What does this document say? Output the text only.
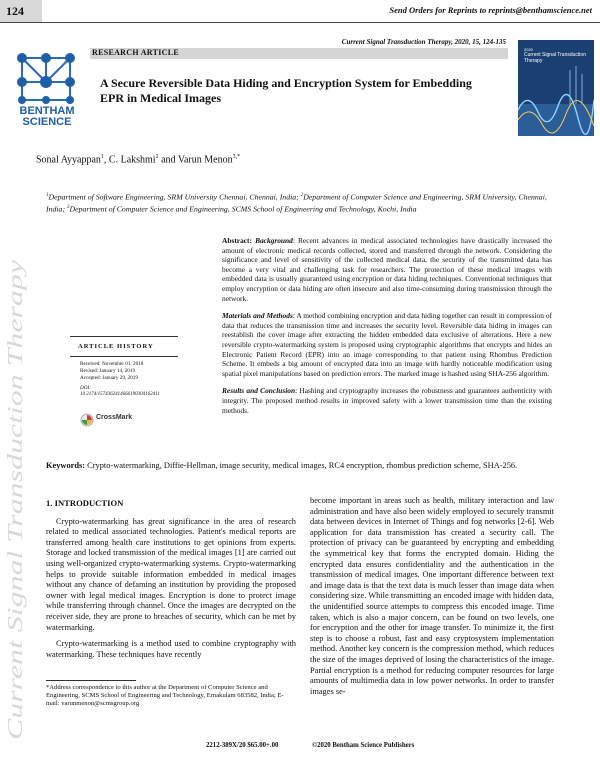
124	Send Orders for Reprints to reprints@benthamscience.net
Current Signal Transduction Therapy, 2020, 15, 124-135
RESEARCH ARTICLE
BENTHAM
SCIENCE
2020
Current Signal Transduction Therapy
A Secure Reversible Data Hiding and Encryption System for Embedding
EPR in Medical Images
Sonal Ayyappan$^1$, C. Lakshmi$^2$ and Varun Menon$^{3,*}$
$^1$Department of Software Engineering, SRM University Chennai, Chennai, India; $^2$Department of Computer Science and Engineering, SRM University, Chennai, India; $^3$Department of Computer Science and Engineering, SCMS School of Engineering and Technology, Kochi, India
Current Signal Transduction Therapy

Abstract: Background: Recent advances in medical associated technologies have drastically increased the amount of electronic medical records collected, stored and transferred through the network. Considering the significance and level of sensitivity of the collected medical data, the security of the transmitted data has become a very vital and challenging task for researchers. The protection of these medical images with embedded data is usually guaranteed using encryption or data hiding techniques. Conventional techniques that employ encryption or data hiding are often insecure and also time-consuming during transmission through the network.

Materials and Methods: A method combining encryption and data hiding together can result in compression of data that reduces the transmission time and increases the security level. Reversible data hiding in images can reestablish the cover image after extracting the hidden embedded data exclusive of alterations. Here a new reversible crypto-watermarking system is proposed using cryptographic algorithms that encrypts and hides an Electronic Patient Record (EPR) into an image corresponding to that patient using Rhombus Prediction Scheme. It embeds a big amount of encrypted data into an image with hardly noticeable modification using spatial pixel manipulations based on prediction errors. The marked image is hashed using SHA-256 algorithm.

Results and Conclusion: Hashing and cryptography increases the robustness and guarantees authenticity with integrity. The proposed method results in improved safety with a lower transmission time than the existing methods.

ARTICLE HISTORY
Received: November 01, 2018
Revised: January 14, 2019
Accepted: January 29, 2019
DOI:
10.2174/1574362414666190304162411
CrossMark
Keywords: Crypto-watermarking, Diffie-Hellman, image security, medical images, RC4 encryption, rhombus prediction scheme, SHA-256.

1. INTRODUCTION

Crypto-watermarking has great significance in the area of research related to medical associated technologies. Patient's medical reports are transferred among health care institutions to get opinions from experts. Storage and locked transmission of the medical images [1] are carried out using well-organized crypto-watermarking systems. Crypto-watermarking helps to provide suitable information embedded in medical images without any chance of defaming an institution by providing the proposed owner with legal medical images. Encryption is done to protect image while transferring through channel. Once the images are decrypted on the receiver side, they are prone to breaches of security, which can be met by watermarking.

Crypto-watermarking is a method used to combine cryptography with watermarking. These techniques have recently

become important in areas such as health, military interaction and law administration and have also been widely employed to securely transmit data between devices in Internet of Things and fog networks [2-6]. Web application for data transmission has created a security call. The protection of privacy can be guaranteed by encrypting and embedding the symmetrical key that forms the encrypted domain. Hiding the encrypted data ensures confidentiality and the authentication in the transmission of medical images. One important difference between text and image data is that the text data is much lesser than image data when considering size. While transmitting an encoded image with hidden data, the unidentified source attempts to compress this encoded image. Time taken, which is also a major concern, can be found on two levels, one for encryption and the other for image transfer. To minimize it, the first step is to choose a robust, fast and easy cryptosystem implementation method. Another key concern is the compression method, which reduces the size of the images deprived of losing the characteristics of the image. Partial encryption is a method for reducing computer resources for large amounts of multimedia data in low power networks. In order to transfer images se-

*Address correspondence to this author at the Department of Computer Science and Engineering, SCMS School of Engineering and Technology, Ernakulam 683582, India; E-mail: varunmenon@scmsgroup.org
2212-389X/20 $65.00+.00	©2020 Bentham Science Publishers
